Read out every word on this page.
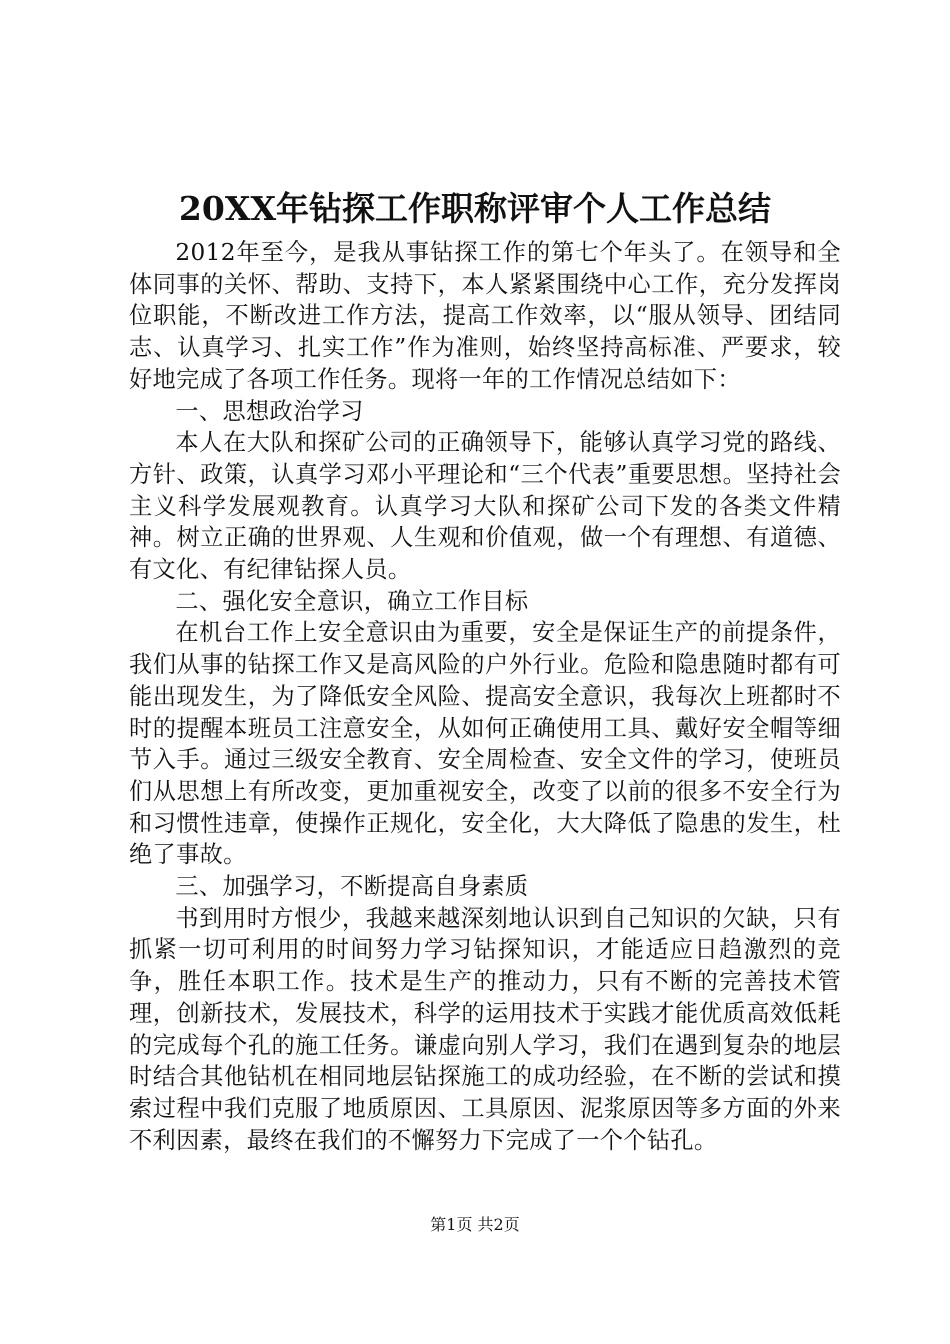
20XX年钻探工作职称评审个人工作总结

2012年至今，是我从事钻探工作的第七个年头了。在领导和全体同事的关怀、帮助、支持下，本人紧紧围绕中心工作，充分发挥岗位职能，不断改进工作方法，提高工作效率，以“服从领导、团结同志、认真学习、扎实工作”作为准则，始终坚持高标准、严要求，较好地完成了各项工作任务。现将一年的工作情况总结如下：

一、思想政治学习

本人在大队和探矿公司的正确领导下，能够认真学习党的路线、方针、政策，认真学习邓小平理论和“三个代表”重要思想。坚持社会主义科学发展观教育。认真学习大队和探矿公司下发的各类文件精神。树立正确的世界观、人生观和价值观，做一个有理想、有道德、有文化、有纪律钻探人员。

二、强化安全意识，确立工作目标

在机台工作上安全意识由为重要，安全是保证生产的前提条件，我们从事的钻探工作又是高风险的户外行业。危险和隐患随时都有可能出现发生，为了降低安全风险、提高安全意识，我每次上班都时不时的提醒本班员工注意安全，从如何正确使用工具、戴好安全帽等细节入手。通过三级安全教育、安全周检查、安全文件的学习，使班员们从思想上有所改变，更加重视安全，改变了以前的很多不安全行为和习惯性违章，使操作正规化，安全化，大大降低了隐患的发生，杜绝了事故。

三、加强学习，不断提高自身素质

书到用时方恨少，我越来越深刻地认识到自己知识的欠缺，只有抓紧一切可利用的时间努力学习钻探知识，才能适应日趋激烈的竞争，胜任本职工作。技术是生产的推动力，只有不断的完善技术管理，创新技术，发展技术，科学的运用技术于实践才能优质高效低耗的完成每个孔的施工任务。谦虚向别人学习，我们在遇到复杂的地层时结合其他钻机在相同地层钻探施工的成功经验，在不断的尝试和摸索过程中我们克服了地质原因、工具原因、泥浆原因等多方面的外来不利因素，最终在我们的不懈努力下完成了一个个钻孔。

第1页 共2页
